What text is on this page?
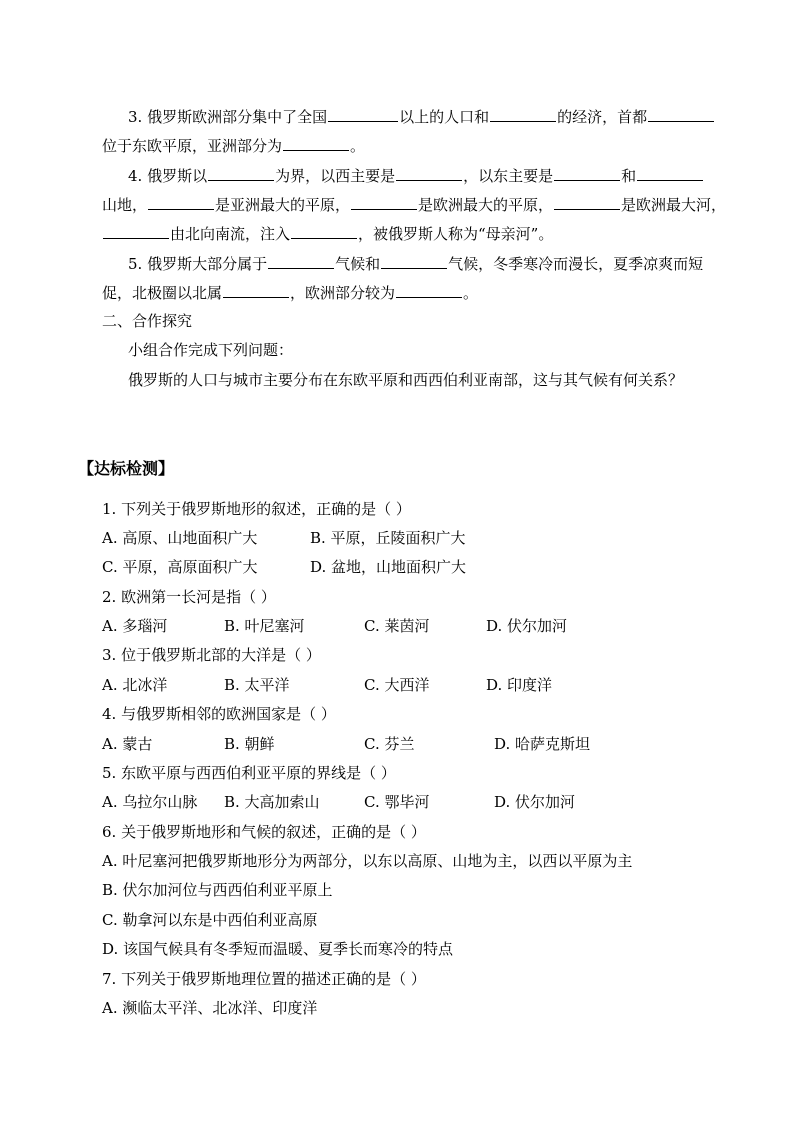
3. 俄罗斯欧洲部分集中了全国	以上的人口和	的经济，首都
位于东欧平原，亚洲部分为	。
4. 俄罗斯以	为界，以西主要是	，以东主要是	和
山地，	是亚洲最大的平原，	是欧洲最大的平原，	是欧洲最大河，
由北向南流，注入	，被俄罗斯人称为“母亲河”。
5. 俄罗斯大部分属于	气候和	气候，冬季寒冷而漫长，夏季凉爽而短
促，北极圈以北属	，欧洲部分较为	。
二、合作探究
小组合作完成下列问题：
俄罗斯的人口与城市主要分布在东欧平原和西西伯利亚南部，这与其气候有何关系？
【达标检测】
1. 下列关于俄罗斯地形的叙述，正确的是（ ）
A. 高原、山地面积广大	B. 平原，丘陵面积广大
C. 平原，高原面积广大	D. 盆地，山地面积广大
2. 欧洲第一长河是指（ ）
A. 多瑙河	B. 叶尼塞河	C. 莱茵河	D. 伏尔加河
3. 位于俄罗斯北部的大洋是（ ）
A. 北冰洋	B. 太平洋	C. 大西洋	D. 印度洋
4. 与俄罗斯相邻的欧洲国家是（ ）
A. 蒙古	B. 朝鲜	C. 芬兰	D. 哈萨克斯坦
5. 东欧平原与西西伯利亚平原的界线是（ ）
A. 乌拉尔山脉 B. 大高加索山	C. 鄂毕河	D. 伏尔加河
6. 关于俄罗斯地形和气候的叙述，正确的是（ ）
A. 叶尼塞河把俄罗斯地形分为两部分，以东以高原、山地为主，以西以平原为主
B. 伏尔加河位与西西伯利亚平原上
C. 勒拿河以东是中西伯利亚高原
D. 该国气候具有冬季短而温暖、夏季长而寒冷的特点
7. 下列关于俄罗斯地理位置的描述正确的是（ ）
A. 濒临太平洋、北冰洋、印度洋
